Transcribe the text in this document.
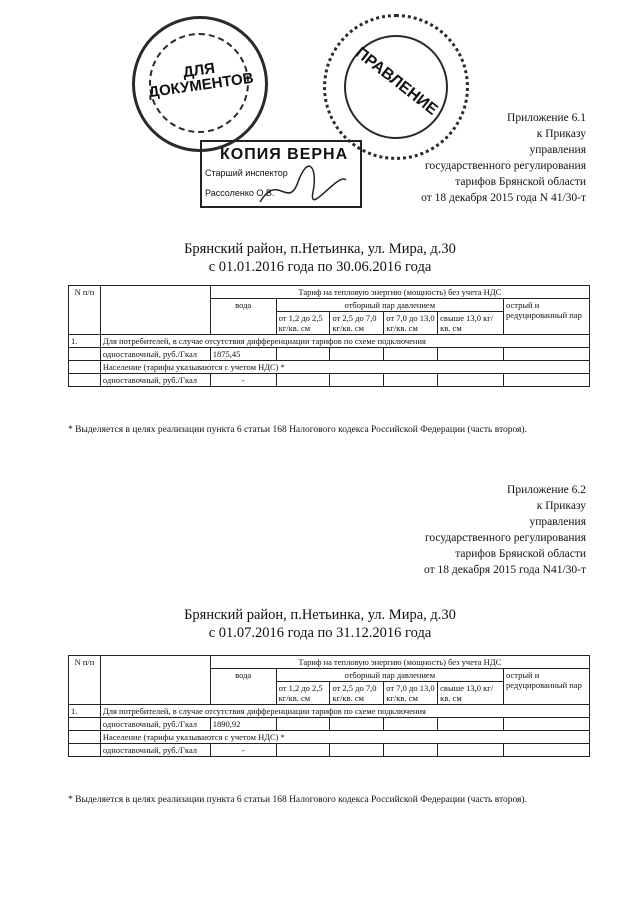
ДЛЯ
ДОКУМЕНТОВ	ПРАВЛЕНИЕ
КОПИЯ ВЕРНА
Старший инспектор
Рассоленко О.В.
Приложение 6.1
к Приказу
управления
государственного регулирования
тарифов Брянской области
от 18 декабря 2015 года N 41/30-т
Брянский район, п.Нетьинка, ул. Мира, д.30
с 01.01.2016 года по 30.06.2016 года
N п/п		Тариф на тепловую энергию (мощность) без учета НДС					
		вода	отборный пар давлением				острый и редуцированный пар
			от 1,2 до 2,5 кг/кв. см	от 2,5 до 7,0 кг/кв. см	от 7,0 до 13,0 кг/кв. см	свыше 13,0 кг/кв. см	
1.	Для потребителей, в случае отсутствия дифференциации тарифов по схеме подключения						
	одноставочный, руб./Гкал	1875,45					
	Население (тарифы указываются с учетом НДС) *						
	одноставочный, руб./Гкал	-					
* Выделяется в целях реализации пункта 6 статьи 168 Налогового кодекса Российской Федерации (часть второя).
Приложение 6.2
к Приказу
управления
государственного регулирования
тарифов Брянской области
от 18 декабря 2015 года N41/30-т
Брянский район, п.Нетьинка, ул. Мира, д.30
с 01.07.2016 года по 31.12.2016 года
N п/п		Тариф на тепловую энергию (мощность) без учета НДС					
		вода	отборный пар давлением				острый и редуцированный пар
			от 1,2 до 2,5 кг/кв. см	от 2,5 до 7,0 кг/кв. см	от 7,0 до 13,0 кг/кв. см	свыше 13,0 кг/кв. см	
1.	Для потребителей, в случае отсутствия дифференциации тарифов по схеме подключения						
	одноставочный, руб./Гкал	1890,92					
	Население (тарифы указываются с учетом НДС) *						
	одноставочный, руб./Гкал	-					
* Выделяется в целях реализации пункта 6 статьи 168 Налогового кодекса Российской Федерации (часть второя).
